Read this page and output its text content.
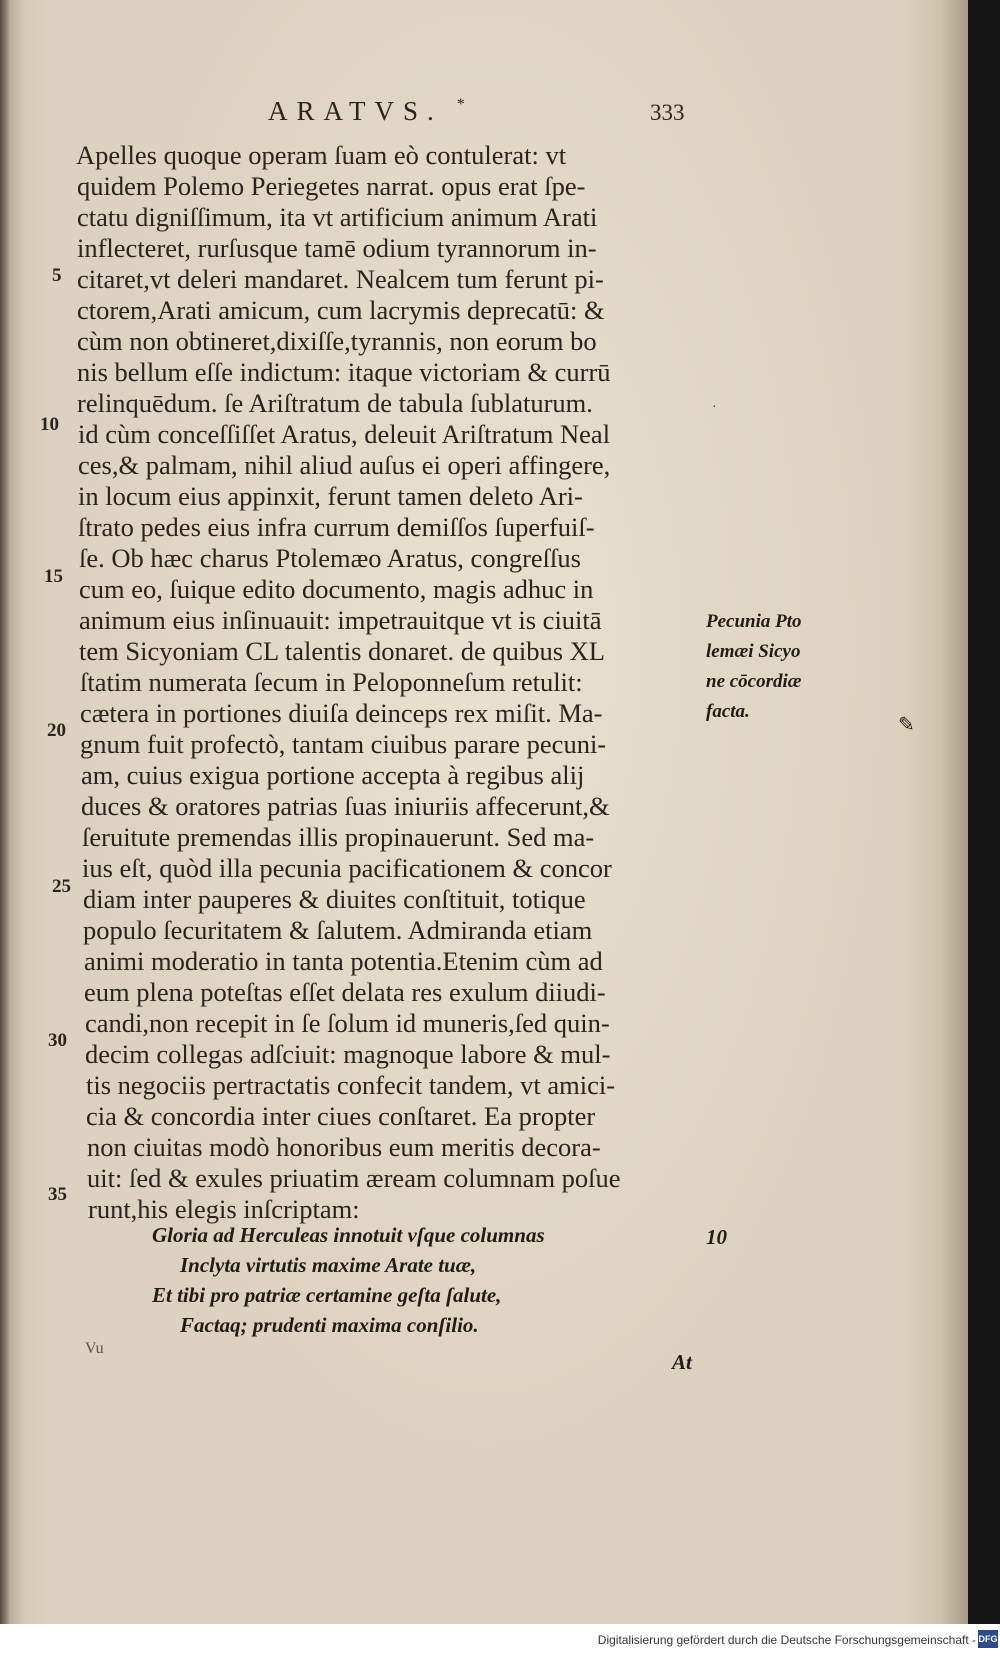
ARATVS. *	333
Apelles quoque operam ſuam eò contulerat: vt
quidem Polemo Periegetes narrat. opus erat ſpe-
ctatu digniſſimum, ita vt artificium animum Arati
inflecteret, rurſusque tamē odium tyrannorum in-
citaret,vt deleri mandaret. Nealcem tum ferunt pi-
ctorem,Arati amicum, cum lacrymis deprecatū: &
cùm non obtineret,dixiſſe,tyrannis, non eorum bo
nis bellum eſſe indictum: itaque victoriam & currū
relinquēdum. ſe Ariſtratum de tabula ſublaturum.
id cùm conceſſiſſet Aratus, deleuit Ariſtratum Neal
ces,& palmam, nihil aliud auſus ei operi affingere,
in locum eius appinxit, ferunt tamen deleto Ari-
ſtrato pedes eius infra currum demiſſos ſuperfuiſ-
ſe. Ob hæc charus Ptolemæo Aratus, congreſſus
cum eo, ſuique edito documento, magis adhuc in
animum eius inſinuauit: impetrauitque vt is ciuitā
tem Sicyoniam CL talentis donaret. de quibus XL
ſtatim numerata ſecum in Peloponneſum retulit:
cætera in portiones diuiſa deinceps rex miſit. Ma-
gnum fuit profectò, tantam ciuibus parare pecuni-
am, cuius exigua portione accepta à regibus alij
duces & oratores patrias ſuas iniuriis affecerunt,&
ſeruitute premendas illis propinauerunt. Sed ma-
ius eſt, quòd illa pecunia pacificationem & concor
diam inter pauperes & diuites conſtituit, totique
populo ſecuritatem & ſalutem. Admiranda etiam
animi moderatio in tanta potentia.Etenim cùm ad
eum plena poteſtas eſſet delata res exulum diiudi-
candi,non recepit in ſe ſolum id muneris,ſed quin-
decim collegas adſciuit: magnoque labore & mul-
tis negociis pertractatis confecit tandem, vt amici-
cia & concordia inter ciues conſtaret. Ea propter
non ciuitas modò honoribus eum meritis decora-
uit: ſed & exules priuatim æream columnam poſue
runt,his elegis inſcriptam:
5
10
15
20
25
30
35
Pecunia Pto
lemæi Sicyo
ne cōcordiæ
facta.
✎
·
Gloria ad Herculeas innotuit vſque columnas
Inclyta virtutis maxime Arate tuæ,
Et tibi pro patriæ certamine geſta ſalute,
Factaq; prudenti maxima conſilio.
10
Vu
At
Digitalisierung gefördert durch die Deutsche Forschungsgemeinschaft - DFG
